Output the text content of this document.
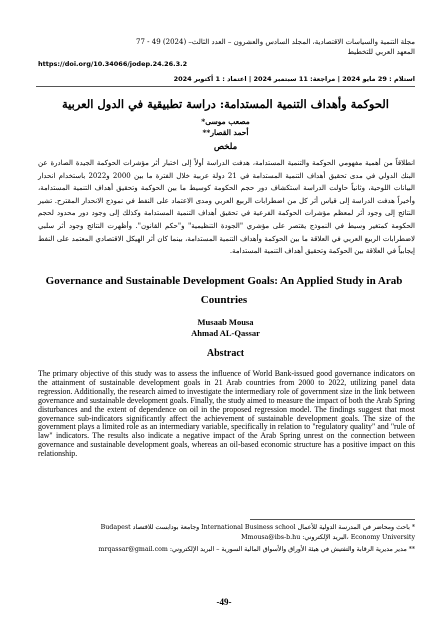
مجلة التنمية والسياسات الاقتصادية، المجلد السادس والعشرون – العدد الثالث– (2024) 49 - 77
المعهد العربي للتخطيط
https://doi.org/10.34066/jodep.24.26.3.2
استلام : 29 مايو 2024 | مراجعة: 11 سبتمبر 2024 | اعتماد : 1 أكتوبر 2024
الحوكمة وأهداف التنمية المستدامة: دراسة تطبيقية في الدول العربية
مصعب موسى*
أحمد القصار**
ملخص
انطلاقاً من أهمية مفهومي الحوكمة والتنمية المستدامة، هدفت الدراسة أولاً إلى اختبار أثر مؤشرات الحوكمة الجيدة الصادرة عن البنك الدولي في مدى تحقيق أهداف التنمية المستدامة في 21 دولة عربية خلال الفترة ما بين 2000 و2022 باستخدام انحدار البيانات اللوحية، وثانياً حاولت الدراسة استكشاف دور حجم الحكومة كوسيط ما بين الحوكمة وتحقيق أهداف التنمية المستدامة، وأخيراً هدفت الدراسة إلى قياس أثر كل من اضطرابات الربيع العربي ومدى الاعتماد على النفط في نموذج الانحدار المقترح. تشير النتائج إلى وجود أثر لمعظم مؤشرات الحوكمة الفرعية في تحقيق أهداف التنمية المستدامة وكذلك إلى وجود دور محدود لحجم الحكومة كمتغير وسيط في النموذج يقتصر على مؤشري "الجودة التنظيمية" و"حكم القانون". وأظهرت النتائج وجود أثر سلبي لاضطرابات الربيع العربي في العلاقة ما بين الحوكمة وأهداف التنمية المستدامة، بينما كان أثر الهيكل الاقتصادي المعتمد على النفط إيجابياً في العلاقة بين الحوكمة وتحقيق أهداف التنمية المستدامة.
Governance and Sustainable Development Goals: An Applied Study in Arab Countries
Musaab Mousa
Ahmad AL-Qassar
Abstract
The primary objective of this study was to assess the influence of World Bank-issued good governance indicators on the attainment of sustainable development goals in 21 Arab countries from 2000 to 2022, utilizing panel data regression. Additionally, the research aimed to investigate the intermediary role of government size in the link between governance and sustainable development goals. Finally, the study aimed to measure the impact of both the Arab Spring disturbances and the extent of dependence on oil in the proposed regression model. The findings suggest that most governance sub-indicators significantly affect the achievement of sustainable development goals. The size of the government plays a limited role as an intermediary variable, specifically in relation to "regulatory quality" and "rule of law" indicators. The results also indicate a negative impact of the Arab Spring unrest on the connection between governance and sustainable development goals, whereas an oil-based economic structure has a positive impact on this relationship.
* باحث ومحاضر في المدرسة الدولية للأعمال International Business school وجامعة بودابست للاقتصاد Budapest
Economy University ،البريد الإلكتروني: Mmousa@ibs-b.hu
** مدير مديرية الرقابة والتفتيش في هيئة الأوراق والأسواق المالية السورية – البريد الإلكتروني: mrqassar@gmail.com
-49-
